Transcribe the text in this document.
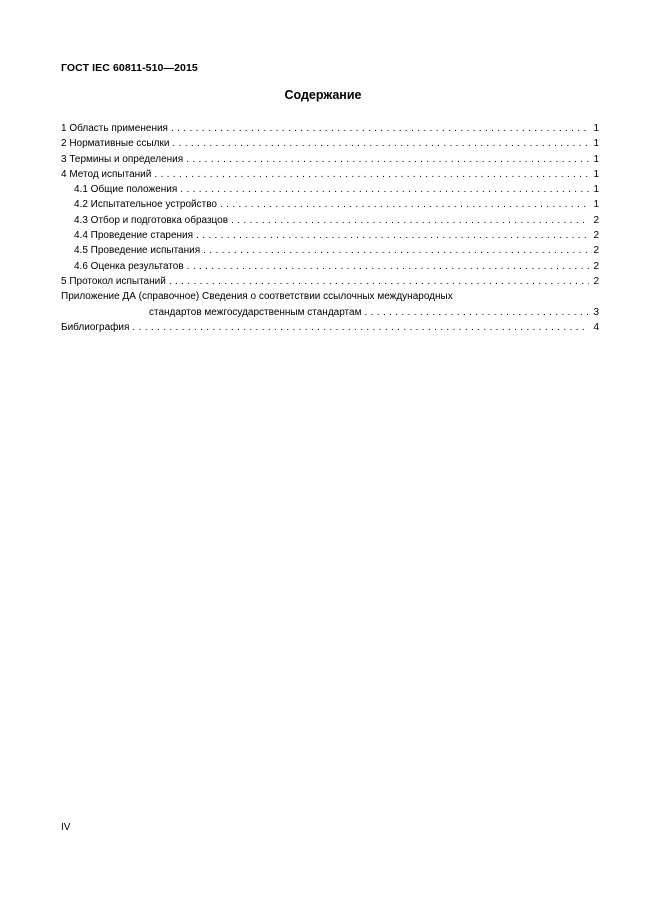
ГОСТ IEC 60811-510—2015
Содержание
1 Область применения . . .	1
2 Нормативные ссылки . . .	1
3 Термины и определения . . .	1
4 Метод испытаний . . .	1
4.1 Общие положения . . .	1
4.2 Испытательное устройство . . .	1
4.3 Отбор и подготовка образцов . . .	2
4.4 Проведение старения . . .	2
4.5 Проведение испытания . . .	2
4.6 Оценка результатов . . .	2
5 Протокол испытаний . . .	2
Приложение ДА (справочное) Сведения о соответствии ссылочных международных
стандартов межгосударственным стандартам . . .	3
Библиография . . .	4
IV
